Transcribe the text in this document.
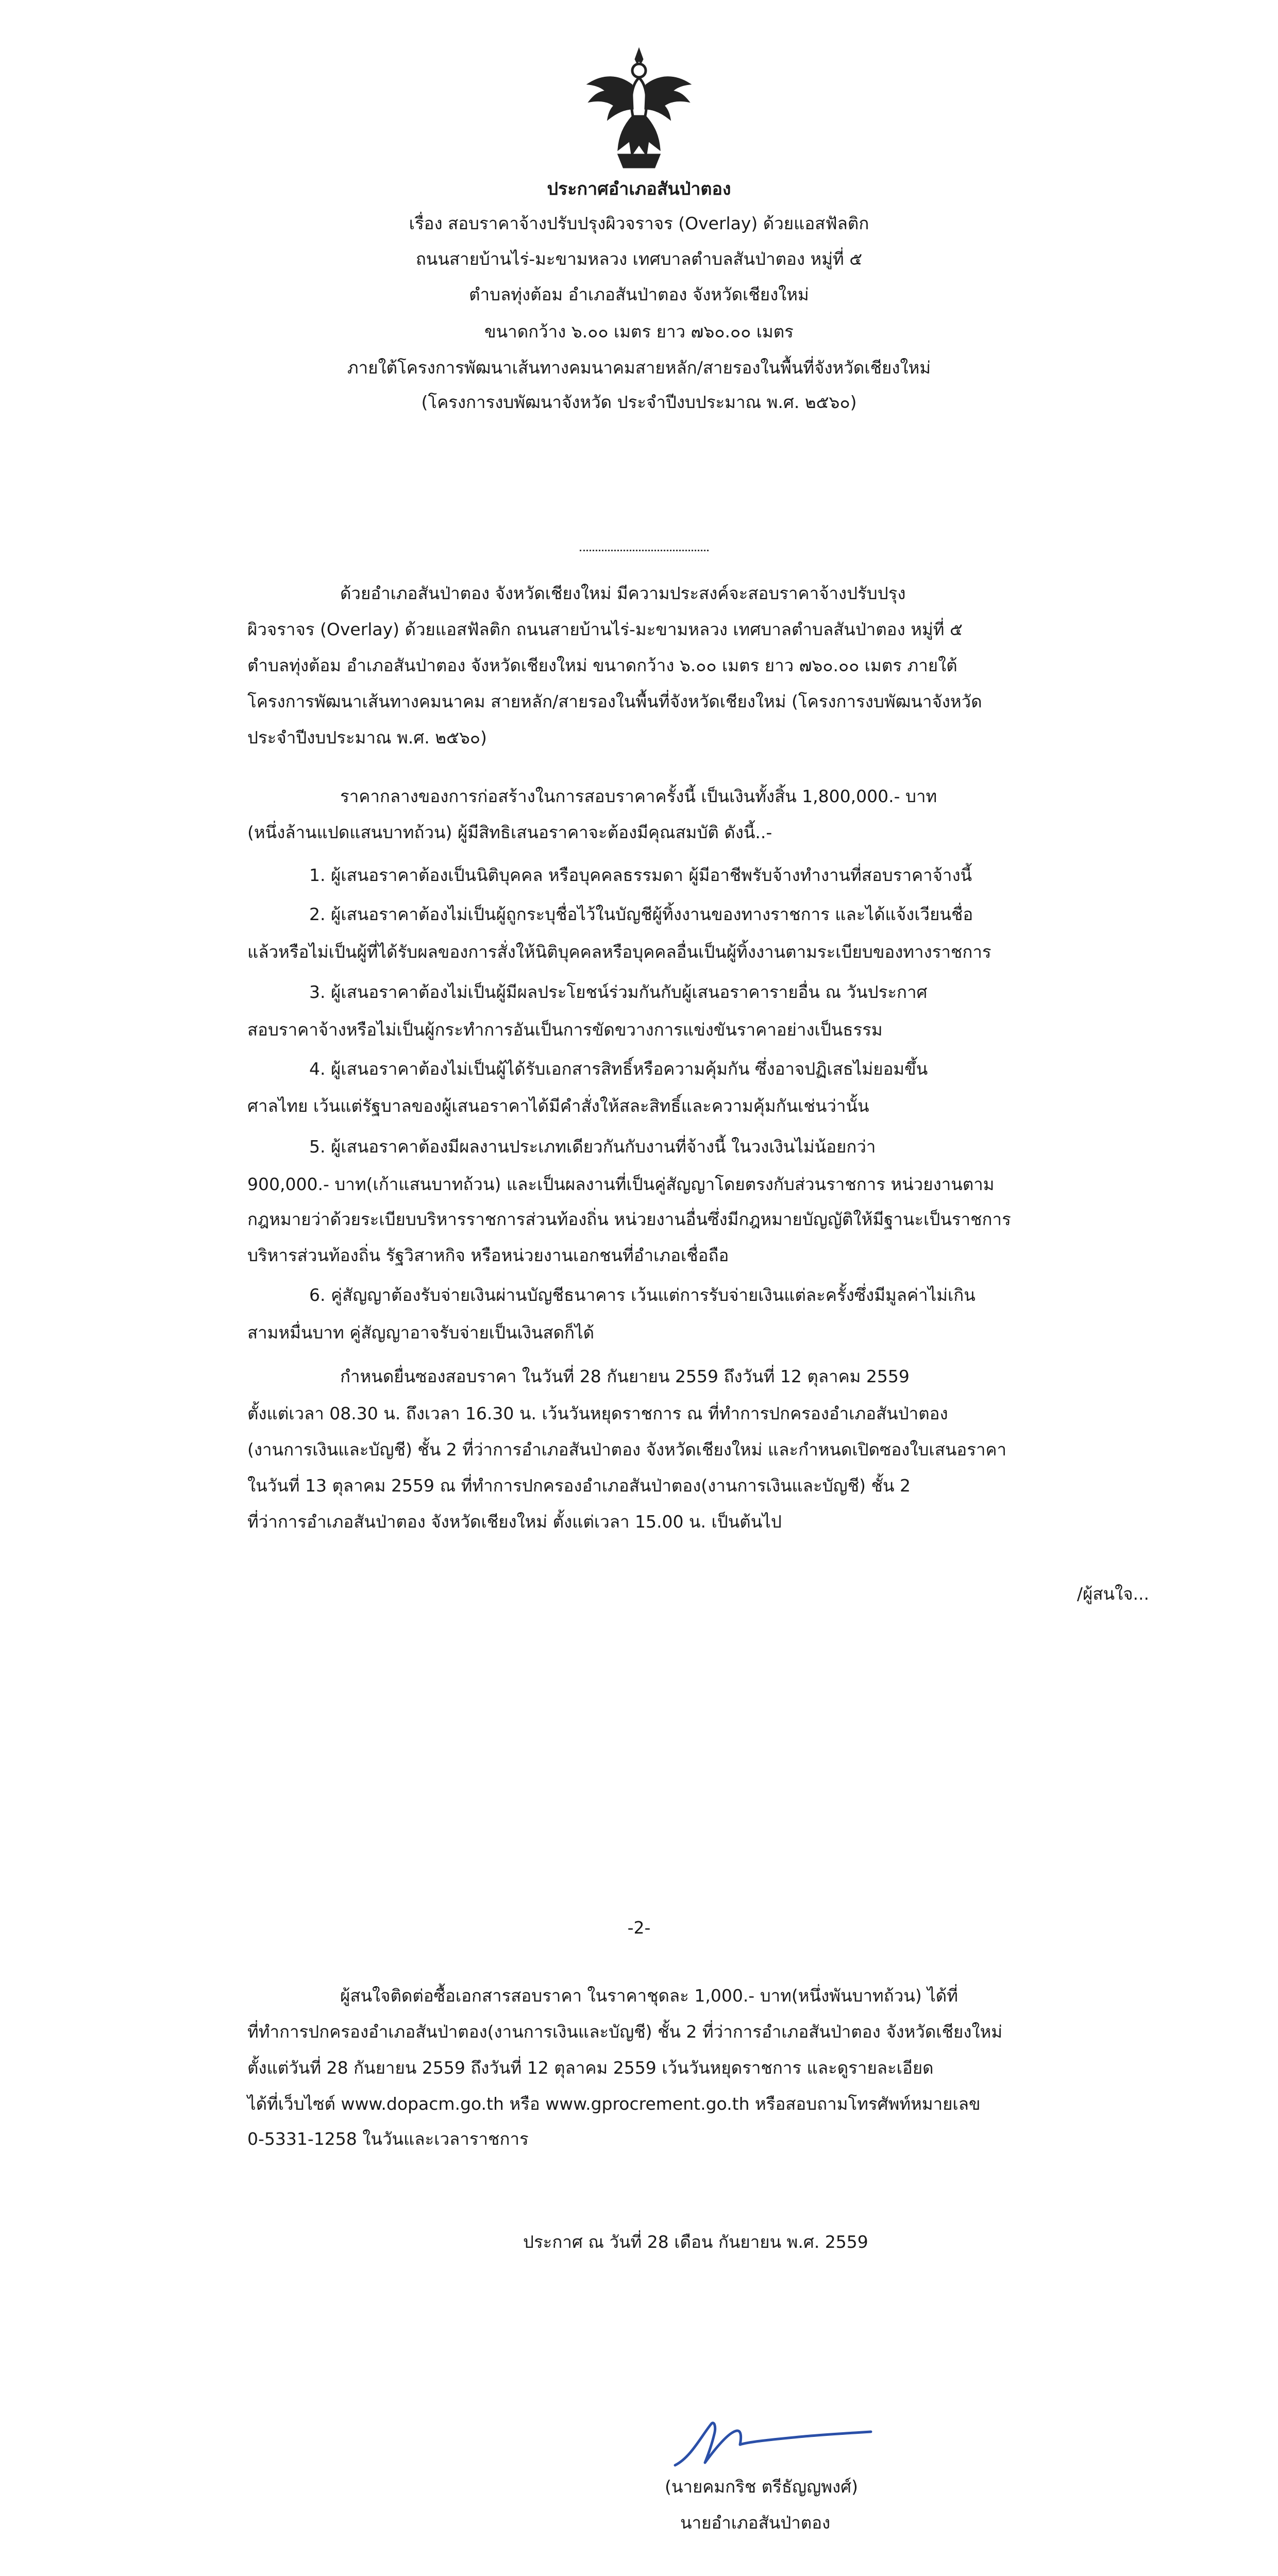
ประกาศอำเภอสันป่าตอง
เรื่อง สอบราคาจ้างปรับปรุงผิวจราจร (Overlay) ด้วยแอสฟัลติก
ถนนสายบ้านไร่-มะขามหลวง เทศบาลตำบลสันป่าตอง หมู่ที่ ๕
ตำบลทุ่งต้อม อำเภอสันป่าตอง จังหวัดเชียงใหม่
ขนาดกว้าง ๖.๐๐ เมตร ยาว ๗๖๐.๐๐ เมตร
ภายใต้โครงการพัฒนาเส้นทางคมนาคมสายหลัก/สายรองในพื้นที่จังหวัดเชียงใหม่
(โครงการงบพัฒนาจังหวัด ประจำปีงบประมาณ พ.ศ. ๒๕๖๐)
ด้วยอำเภอสันป่าตอง จังหวัดเชียงใหม่ มีความประสงค์จะสอบราคาจ้างปรับปรุง
ผิวจราจร (Overlay) ด้วยแอสฟัลติก ถนนสายบ้านไร่-มะขามหลวง เทศบาลตำบลสันป่าตอง หมู่ที่ ๕
ตำบลทุ่งต้อม อำเภอสันป่าตอง จังหวัดเชียงใหม่ ขนาดกว้าง ๖.๐๐ เมตร ยาว ๗๖๐.๐๐ เมตร ภายใต้
โครงการพัฒนาเส้นทางคมนาคม สายหลัก/สายรองในพื้นที่จังหวัดเชียงใหม่ (โครงการงบพัฒนาจังหวัด
ประจำปีงบประมาณ พ.ศ. ๒๕๖๐)
ราคากลางของการก่อสร้างในการสอบราคาครั้งนี้ เป็นเงินทั้งสิ้น 1,800,000.- บาท
(หนึ่งล้านแปดแสนบาทถ้วน) ผู้มีสิทธิเสนอราคาจะต้องมีคุณสมบัติ ดังนี้..-
1. ผู้เสนอราคาต้องเป็นนิติบุคคล หรือบุคคลธรรมดา ผู้มีอาชีพรับจ้างทำงานที่สอบราคาจ้างนี้
2. ผู้เสนอราคาต้องไม่เป็นผู้ถูกระบุชื่อไว้ในบัญชีผู้ทิ้งงานของทางราชการ และได้แจ้งเวียนชื่อ
แล้วหรือไม่เป็นผู้ที่ได้รับผลของการสั่งให้นิติบุคคลหรือบุคคลอื่นเป็นผู้ทิ้งงานตามระเบียบของทางราชการ
3. ผู้เสนอราคาต้องไม่เป็นผู้มีผลประโยชน์ร่วมกันกับผู้เสนอราคารายอื่น ณ วันประกาศ
สอบราคาจ้างหรือไม่เป็นผู้กระทำการอันเป็นการขัดขวางการแข่งขันราคาอย่างเป็นธรรม
4. ผู้เสนอราคาต้องไม่เป็นผู้ได้รับเอกสารสิทธิ์หรือความคุ้มกัน ซึ่งอาจปฏิเสธไม่ยอมขึ้น
ศาลไทย เว้นแต่รัฐบาลของผู้เสนอราคาได้มีคำสั่งให้สละสิทธิ์และความคุ้มกันเช่นว่านั้น
5. ผู้เสนอราคาต้องมีผลงานประเภทเดียวกันกับงานที่จ้างนี้ ในวงเงินไม่น้อยกว่า
900,000.- บาท(เก้าแสนบาทถ้วน) และเป็นผลงานที่เป็นคู่สัญญาโดยตรงกับส่วนราชการ หน่วยงานตาม
กฎหมายว่าด้วยระเบียบบริหารราชการส่วนท้องถิ่น หน่วยงานอื่นซึ่งมีกฎหมายบัญญัติให้มีฐานะเป็นราชการ
บริหารส่วนท้องถิ่น รัฐวิสาหกิจ หรือหน่วยงานเอกชนที่อำเภอเชื่อถือ
6. คู่สัญญาต้องรับจ่ายเงินผ่านบัญชีธนาคาร เว้นแต่การรับจ่ายเงินแต่ละครั้งซึ่งมีมูลค่าไม่เกิน
สามหมื่นบาท คู่สัญญาอาจรับจ่ายเป็นเงินสดก็ได้
กำหนดยื่นซองสอบราคา ในวันที่ 28 กันยายน 2559 ถึงวันที่ 12 ตุลาคม 2559
ตั้งแต่เวลา 08.30 น. ถึงเวลา 16.30 น. เว้นวันหยุดราชการ ณ ที่ทำการปกครองอำเภอสันป่าตอง
(งานการเงินและบัญชี) ชั้น 2 ที่ว่าการอำเภอสันป่าตอง จังหวัดเชียงใหม่ และกำหนดเปิดซองใบเสนอราคา
ในวันที่ 13 ตุลาคม 2559 ณ ที่ทำการปกครองอำเภอสันป่าตอง(งานการเงินและบัญชี) ชั้น 2
ที่ว่าการอำเภอสันป่าตอง จังหวัดเชียงใหม่ ตั้งแต่เวลา 15.00 น. เป็นต้นไป
/ผู้สนใจ...
-2-
ผู้สนใจติดต่อซื้อเอกสารสอบราคา ในราคาชุดละ 1,000.- บาท(หนึ่งพันบาทถ้วน) ได้ที่
ที่ทำการปกครองอำเภอสันป่าตอง(งานการเงินและบัญชี) ชั้น 2 ที่ว่าการอำเภอสันป่าตอง จังหวัดเชียงใหม่
ตั้งแต่วันที่ 28 กันยายน 2559 ถึงวันที่ 12 ตุลาคม 2559 เว้นวันหยุดราชการ และดูรายละเอียด
ได้ที่เว็บไซต์ www.dopacm.go.th หรือ www.gprocrement.go.th หรือสอบถามโทรศัพท์หมายเลข
0-5331-1258 ในวันและเวลาราชการ
ประกาศ ณ วันที่ 28 เดือน กันยายน พ.ศ. 2559
(นายคมกริช ตรีธัญญพงศ์)
นายอำเภอสันป่าตอง
